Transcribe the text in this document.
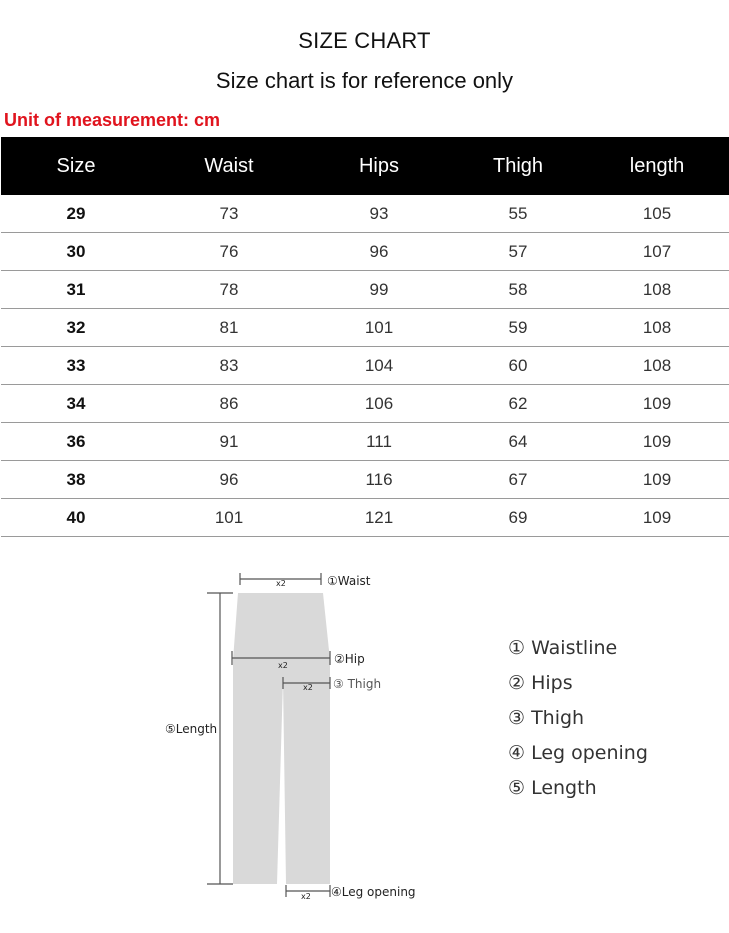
SIZE CHART
Size chart is for reference only
Unit of measurement: cm
Size	Waist	Hips	Thigh	length
29	73	93	55	105
30	76	96	57	107
31	78	99	58	108
32	81	101	59	108
33	83	104	60	108
34	86	106	62	109
36	91	111	64	109
38	96	116	67	109
40	101	121	69	109
x2
x2
x2
x2
①Waist
②Hip
③ Thigh
④Leg opening
⑤Length
① Waistline
② Hips
③ Thigh
④ Leg opening
⑤ Length
